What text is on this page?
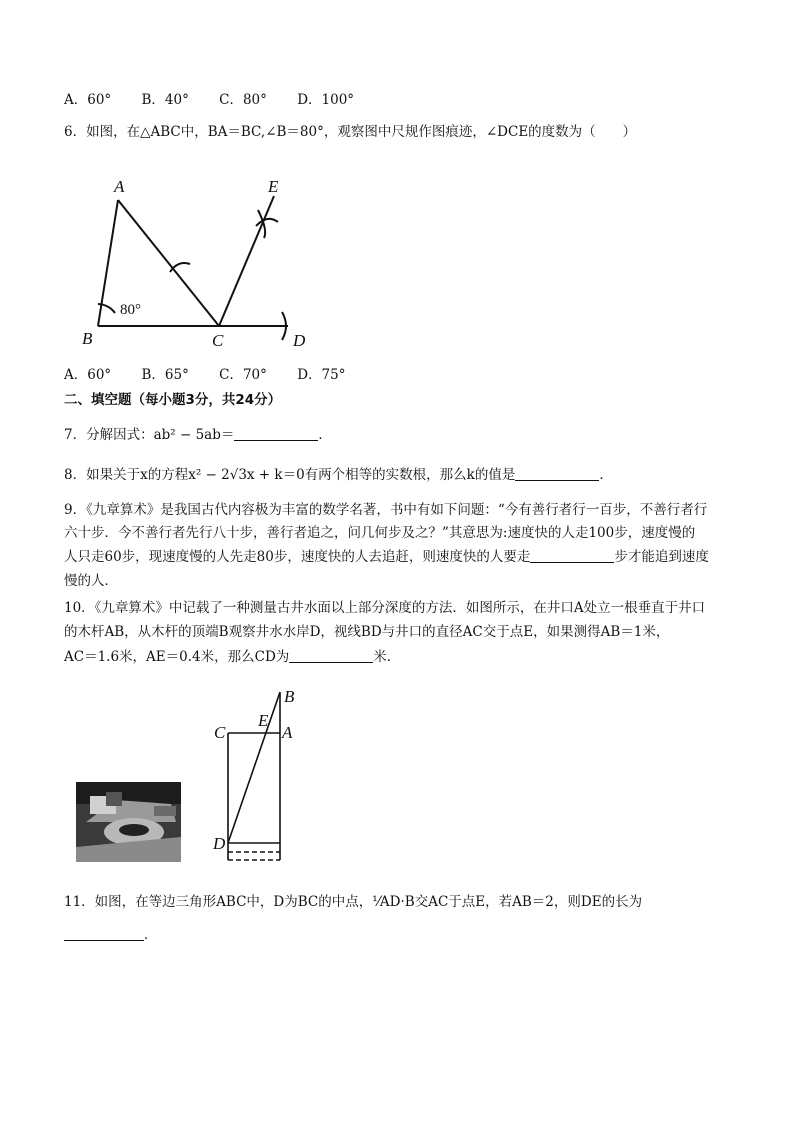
A．60° B．40° C．80° D．100°
6．如图，在△ABC中，BA＝BC,∠B＝80°，观察图中尺规作图痕迹，∠DCE的度数为（　　）
A
B	C	D
E
80°
A．60° B．65° C．70° D．75°
二、填空题（每小题3分，共24分）
7．分解因式：ab² − 5ab＝	．
8．如果关于x的方程x² − 2√3x + k＝0有两个相等的实数根，那么k的值是	．
9．《九章算术》是我国古代内容极为丰富的数学名著，书中有如下问题：“今有善行者行一百步，不善行者行
六十步．今不善行者先行八十步，善行者追之，问几何步及之？”其意思为:速度快的人走100步，速度慢的
人只走60步，现速度慢的人先走80步，速度快的人去追赶，则速度快的人要走	步才能追到速度
慢的人．
10．《九章算术》中记载了一种测量古井水面以上部分深度的方法．如图所示，在井口A处立一根垂直于井口
的木杆AB，从木杆的顶端B观察井水水岸D，视线BD与井口的直径AC交于点E，如果测得AB＝1米，
AC＝1.6米，AE＝0.4米，那么CD为	米．
B
C
E
A
D
11．如图，在等边三角形ABC中，D为BC的中点，⅟AD·B交AC于点E，若AB＝2，则DE的长为
．
